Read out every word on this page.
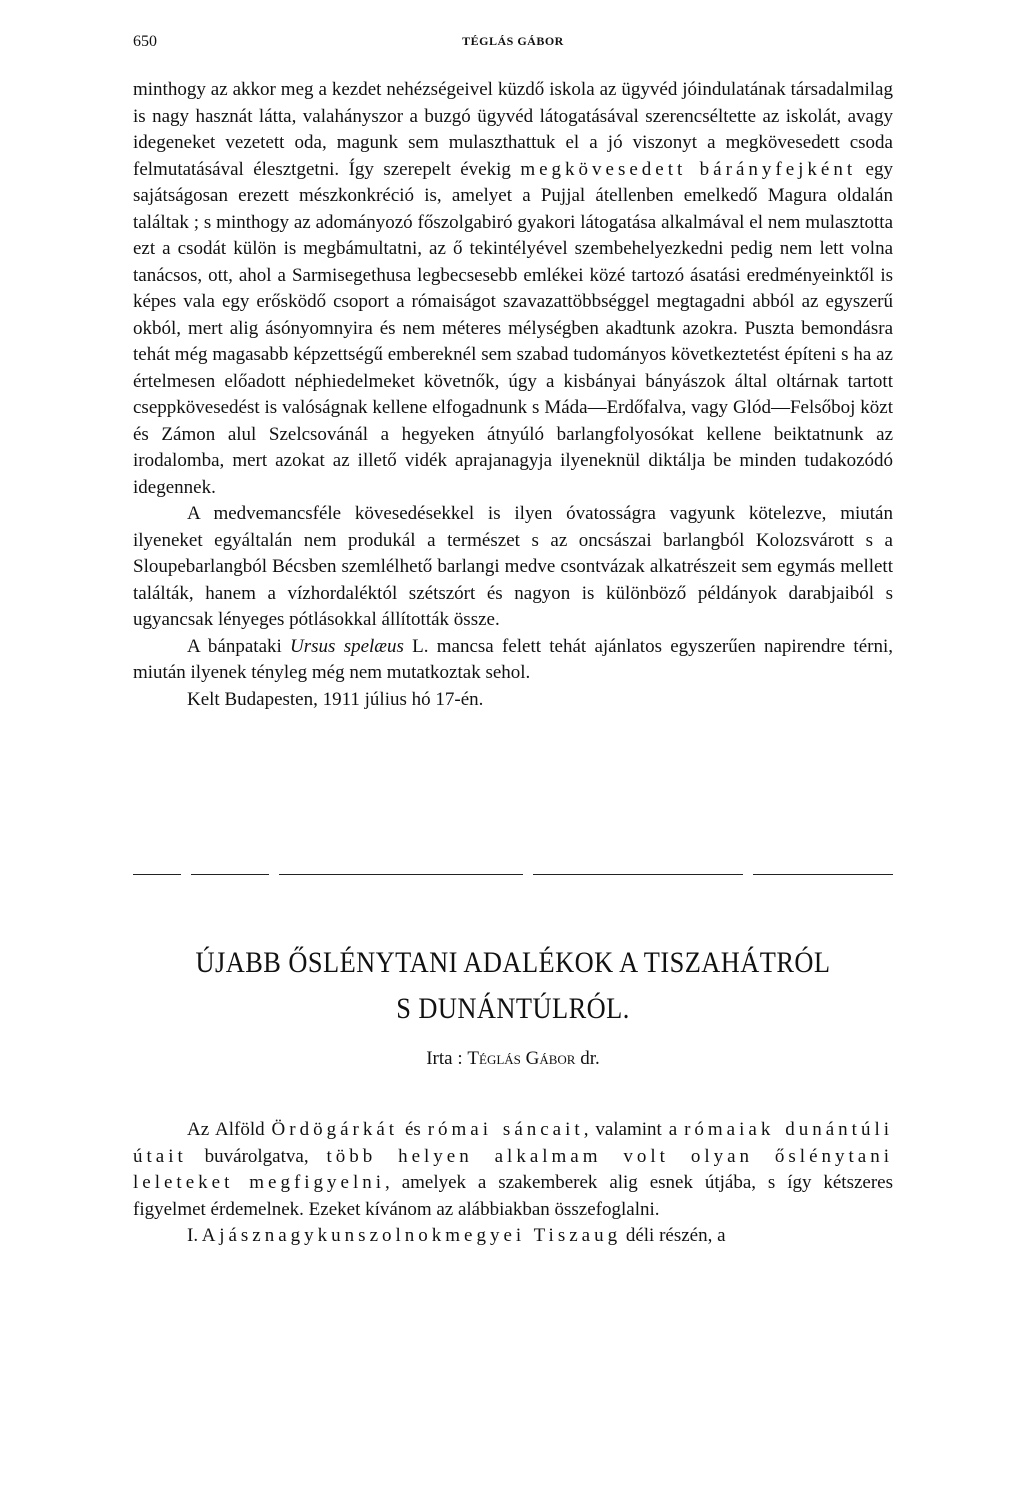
650	TÉGLÁS GÁBOR

minthogy az akkor meg a kezdet nehézségeivel küzdő iskola az ügyvéd jóindulatának társadalmilag is nagy hasznát látta, valahányszor a buzgó ügyvéd látogatásával szerencséltette az iskolát, avagy idegeneket vezetett oda, magunk sem mulaszthattuk el a jó viszonyt a megkövesedett csoda felmutatásával élesztgetni. Így szerepelt évekig megkövesedett bárányfejként egy sajátságosan erezett mészkonkréció is, amelyet a Pujjal átellenben emelkedő Magura oldalán találtak ; s minthogy az adományozó főszolgabiró gyakori látogatása alkalmával el nem mulasztotta ezt a csodát külön is megbámultatni, az ő tekintélyével szembehelyezkedni pedig nem lett volna tanácsos, ott, ahol a Sarmisegethusa legbecsesebb emlékei közé tartozó ásatási eredményeinktől is képes vala egy erősködő csoport a rómaiságot szavazattöbbséggel megtagadni abból az egyszerű okból, mert alig ásónyomnyira és nem méteres mélységben akadtunk azokra. Puszta bemondásra tehát még magasabb képzettségű embereknél sem szabad tudományos következtetést építeni s ha az értelmesen előadott néphiedelmeket követnők, úgy a kisbányai bányászok által oltárnak tartott cseppkövesedést is valóságnak kellene elfogadnunk s Máda—Erdőfalva, vagy Glód—Felsőboj közt és Zámon alul Szelcsovánál a hegyeken átnyúló barlangfolyosókat kellene beiktatnunk az irodalomba, mert azokat az illető vidék aprajanagyja ilyeneknül diktálja be minden tudakozódó idegennek.

A medvemancsféle kövesedésekkel is ilyen óvatosságra vagyunk kötelezve, miután ilyeneket egyáltalán nem produkál a természet s az oncsászai barlangból Kolozsvárott s a Sloupebarlangból Bécsben szemlélhető barlangi medve csontvázak alkatrészeit sem egymás mellett találták, hanem a vízhordaléktól szétszórt és nagyon is különböző példányok darabjaiból s ugyancsak lényeges pótlásokkal állították össze.

A bánpataki Ursus spelæus L. mancsa felett tehát ajánlatos egyszerűen napirendre térni, miután ilyenek tényleg még nem mutatkoztak sehol.

Kelt Budapesten, 1911 július hó 17-én.

ÚJABB ŐSLÉNYTANI ADALÉKOK A TISZAHÁTRÓL
S DUNÁNTÚLRÓL.
Irta : Téglás Gábor dr.

Az Alföld Ördögárkát és római sáncait, valamint a rómaiak dunántúli útait buvárolgatva, több helyen alkalmam volt olyan őslénytani leleteket megfigyelni, amelyek a szakemberek alig esnek útjába, s így kétszeres figyelmet érdemelnek. Ezeket kívánom az alábbiakban összefoglalni.

I. A jásznagykunszolnokmegyei Tiszaug déli részén, a
